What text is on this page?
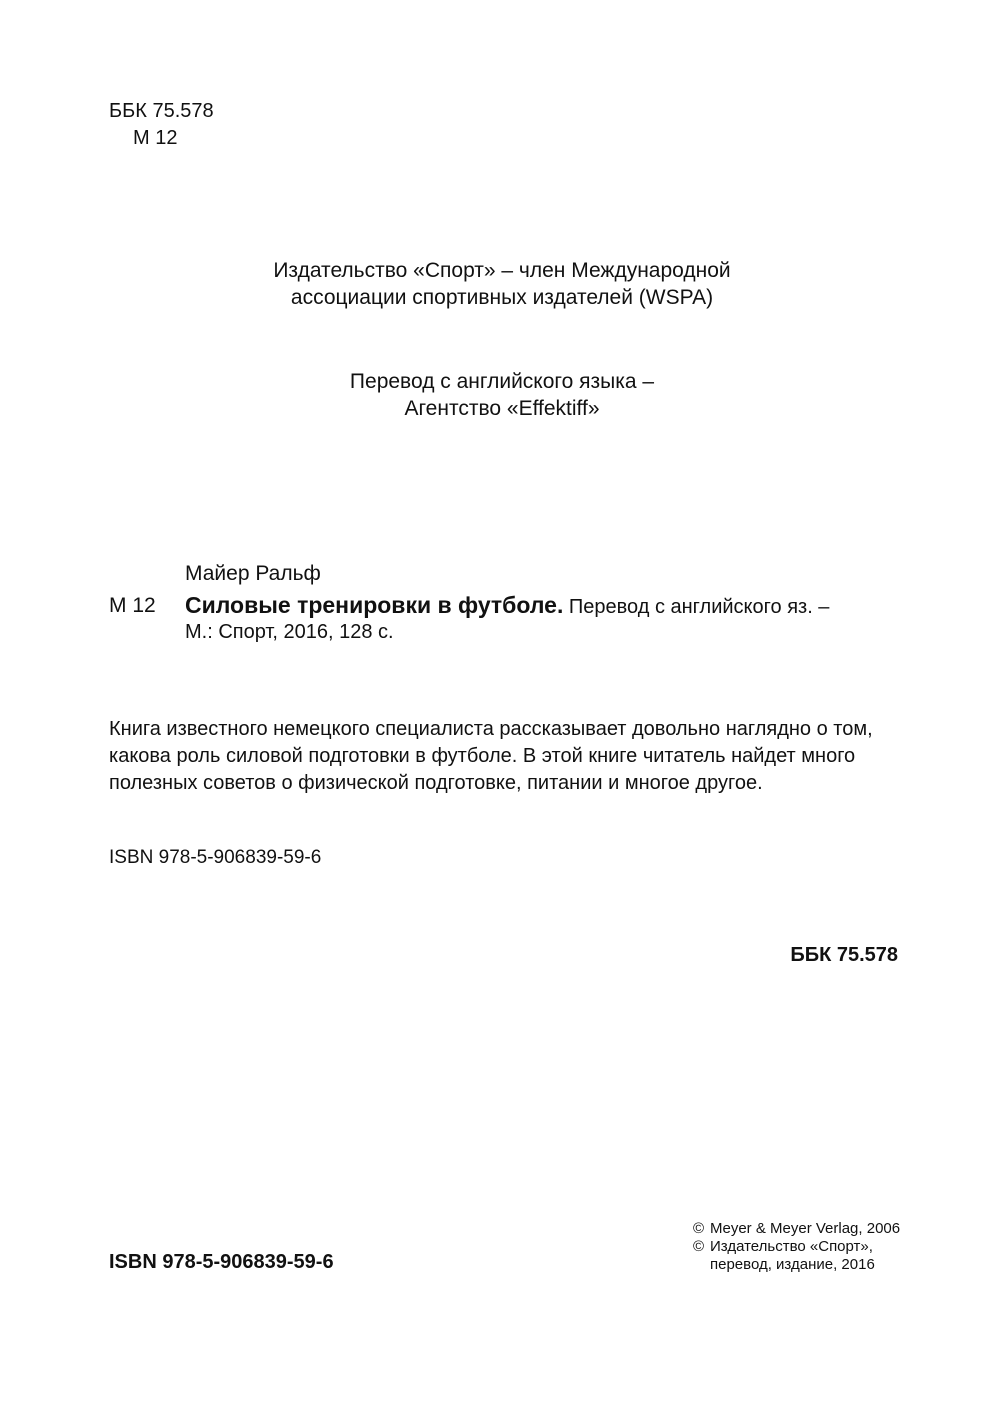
ББК 75.578
М 12
Издательство «Спорт» – член Международной
ассоциации спортивных издателей (WSPA)
Перевод с английского языка –
Агентство «Effektiff»
Майер Ральф
М 12 Силовые тренировки в футболе. Перевод с английского яз. –
М.: Спорт, 2016, 128 с.
Книга известного немецкого специалиста рассказывает довольно наглядно о том,
какова роль силовой подготовки в футболе. В этой книге читатель найдет много
полезных советов о физической подготовке, питании и многое другое.
ISBN 978-5-906839-59-6
ББК 75.578
ISBN 978-5-906839-59-6
© Meyer & Meyer Verlag, 2006
© Издательство «Спорт»,
перевод, издание, 2016
